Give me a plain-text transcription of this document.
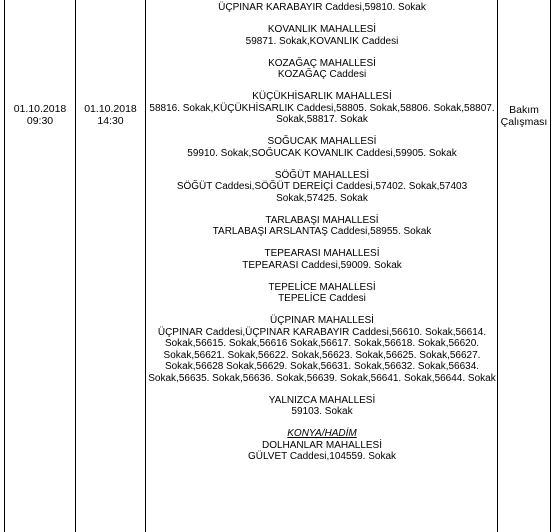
01.10.2018
09:30
01.10.2018
14:30
Bakım
Çalışması
ÜÇPINAR KARABAYIR Caddesi,59810. Sokak
KOVANLIK MAHALLESİ
59871. Sokak,KOVANLIK Caddesi
KOZAĞAÇ MAHALLESİ
KOZAĞAÇ Caddesi
KÜÇÜKHİSARLIK MAHALLESİ
58816. Sokak,KÜÇÜKHİSARLIK Caddesi,58805. Sokak,58806. Sokak,58807. Sokak,58817. Sokak
SOĞUCAK MAHALLESİ
59910. Sokak,SOĞUCAK KOVANLIK Caddesi,59905. Sokak
SÖĞÜT MAHALLESİ
SÖĞÜT Caddesi,SÖĞÜT DEREİÇİ Caddesi,57402. Sokak,57403 Sokak,57425. Sokak
TARLABAŞI MAHALLESİ
TARLABAŞI ARSLANTAŞ Caddesi,58955. Sokak
TEPEARASI MAHALLESİ
TEPEARASI Caddesi,59009. Sokak
TEPELİCE MAHALLESİ
TEPELİCE Caddesi
ÜÇPINAR MAHALLESİ
ÜÇPINAR Caddesi,ÜÇPINAR KARABAYIR Caddesi,56610. Sokak,56614. Sokak,56615. Sokak,56616 Sokak,56617. Sokak,56618. Sokak,56620. Sokak,56621. Sokak,56622. Sokak,56623. Sokak,56625. Sokak,56627. Sokak,56628 Sokak,56629. Sokak,56631. Sokak,56632. Sokak,56634. Sokak,56635. Sokak,56636. Sokak,56639. Sokak,56641. Sokak,56644. Sokak
YALNIZCA MAHALLESİ
59103. Sokak
KONYA/HADİM
DOLHANLAR MAHALLESİ
GÜLVET Caddesi,104559. Sokak
